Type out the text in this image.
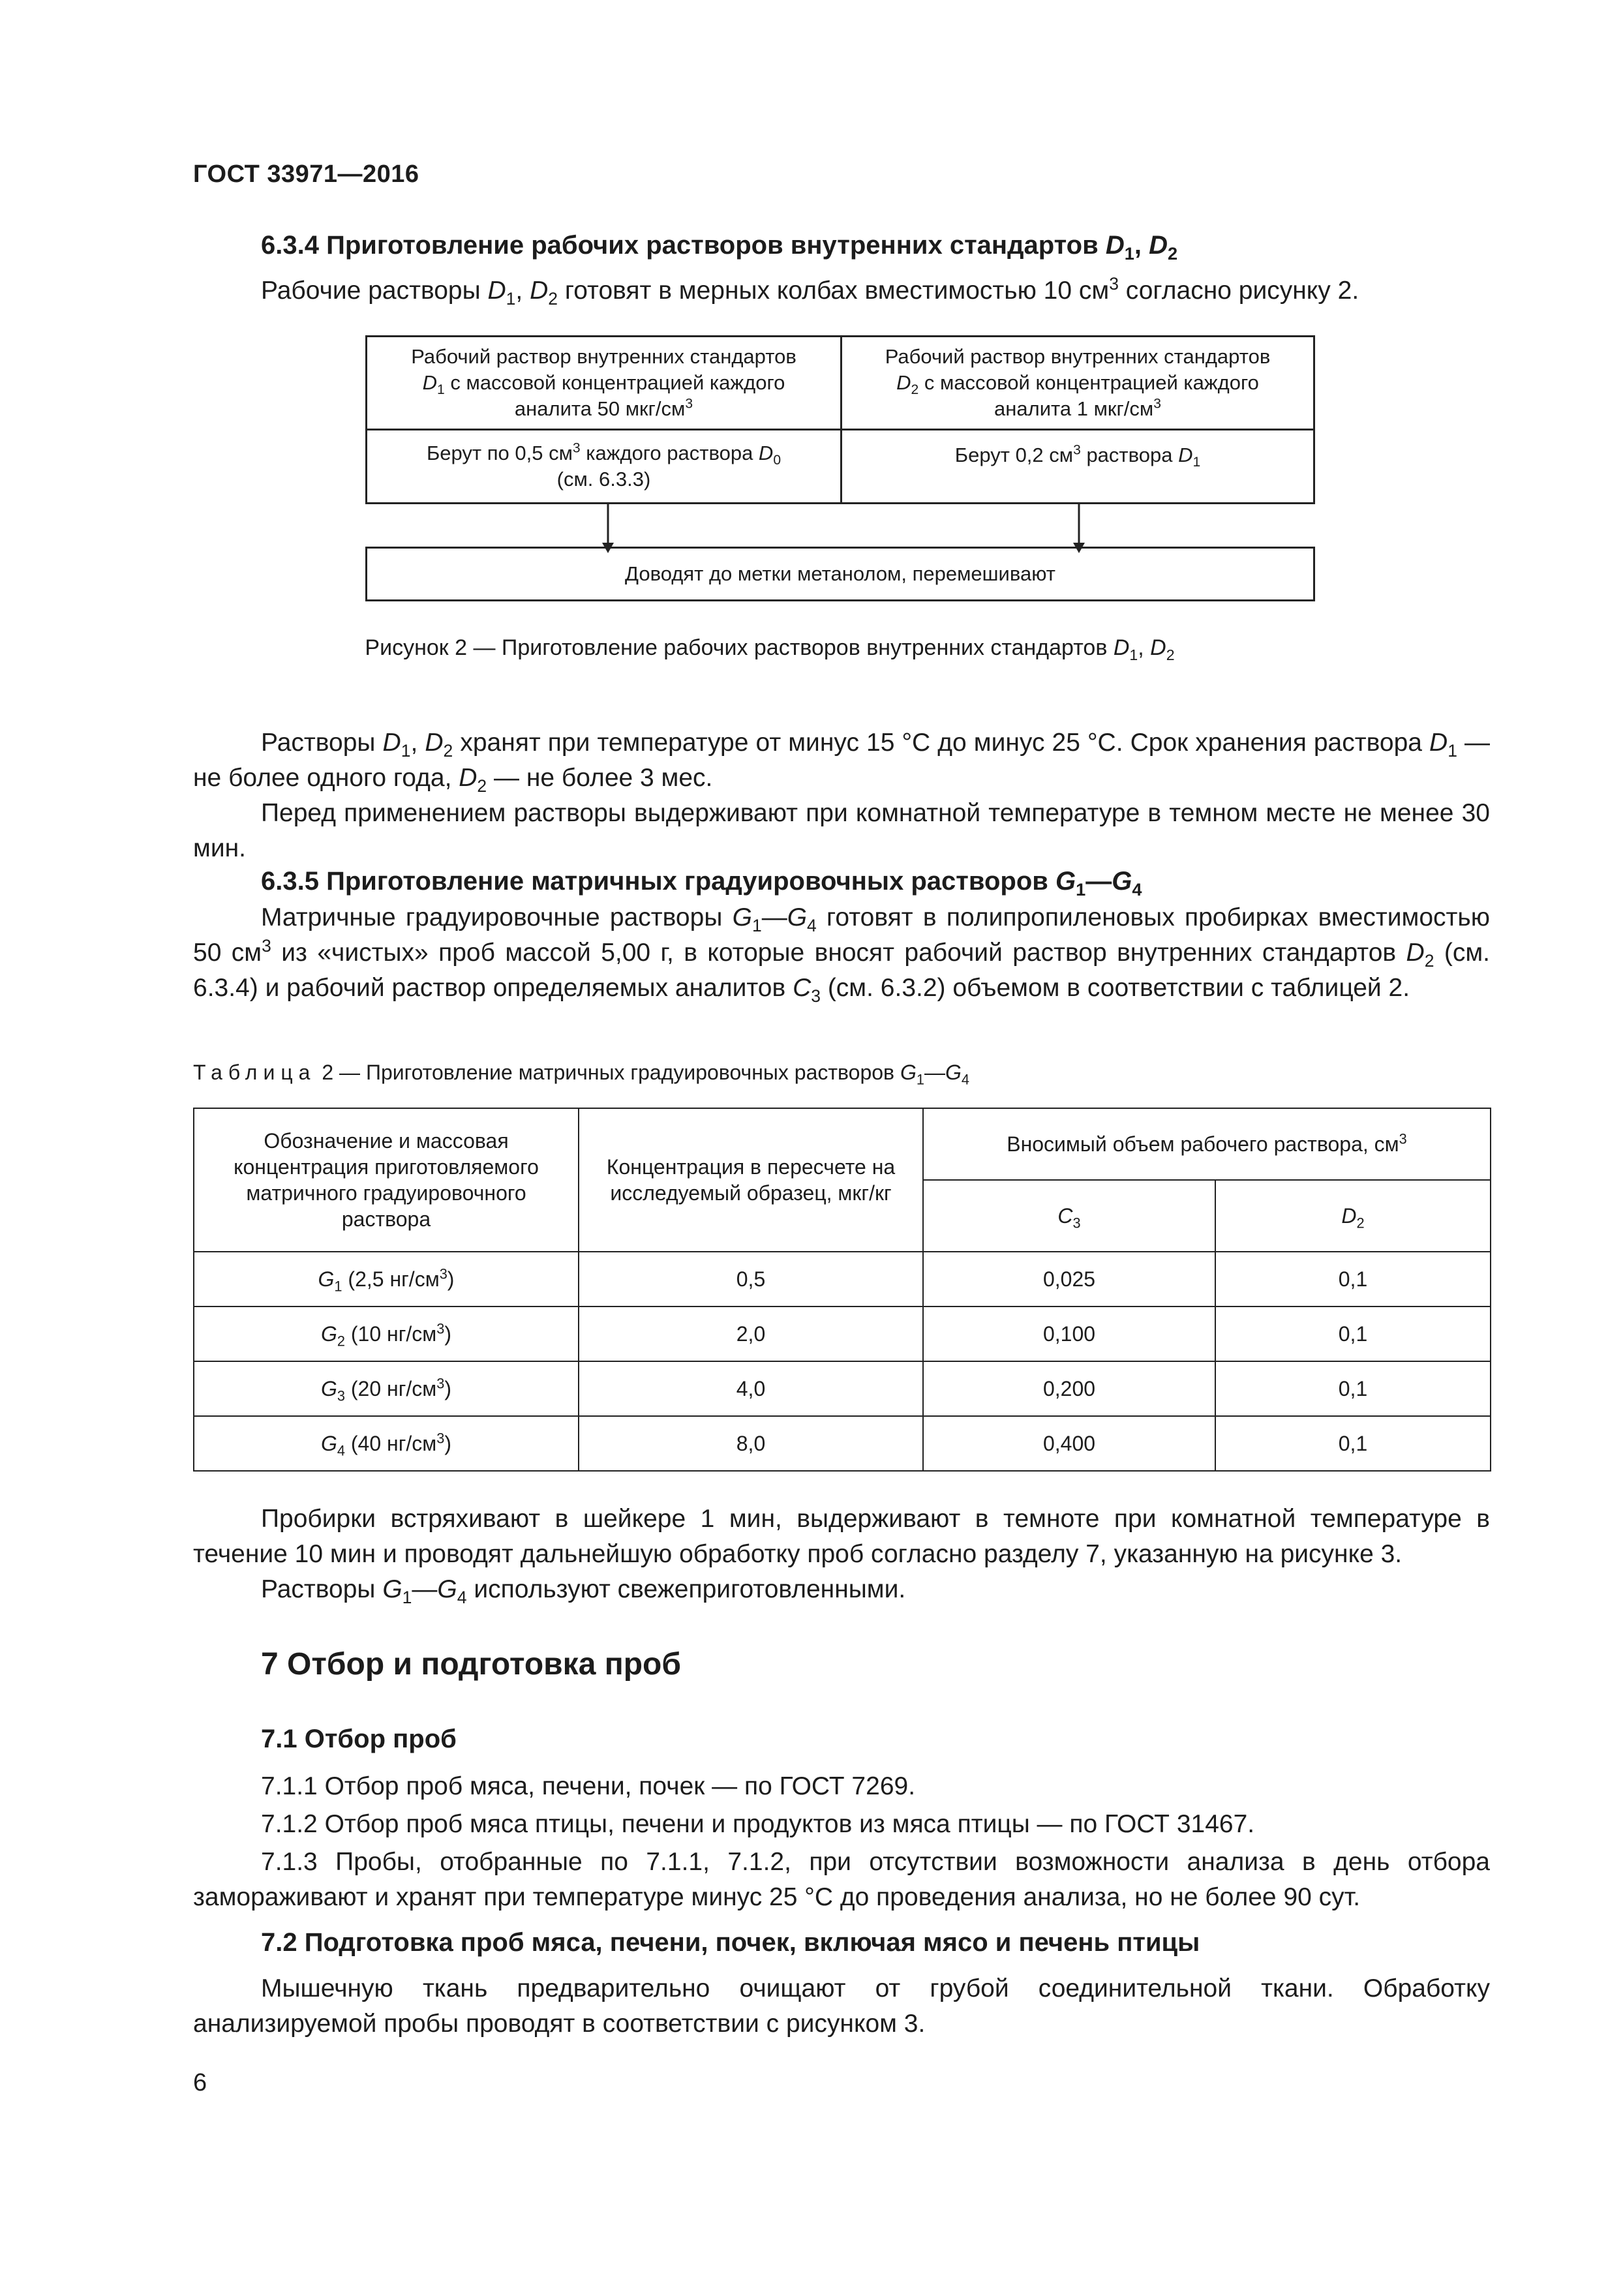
ГОСТ 33971—2016
6.3.4 Приготовление рабочих растворов внутренних стандартов $D_1$, $D_2$
Рабочие растворы $D_1$, $D_2$ готовят в мерных колбах вместимостью 10 $см^3$ согласно рисунку 2.
Рабочий раствор внутренних стандартов
$D_1$ с массовой концентрацией каждого
аналита 50 мкг/$см^3$
Рабочий раствор внутренних стандартов
$D_2$ с массовой концентрацией каждого
аналита 1 мкг/$см^3$
Берут по 0,5 $см^3$ каждого раствора $D_0$
(см. 6.3.3)
Берут 0,2 $см^3$ раствора $D_1$
Доводят до метки метанолом, перемешивают
Рисунок 2 — Приготовление рабочих растворов внутренних стандартов $D_1$, $D_2$
Растворы $D_1$, $D_2$ хранят при температуре от минус 15 °С до минус 25 °С. Срок хранения раствора $D_1$ — не более одного года, $D_2$ — не более 3 мес.
Перед применением растворы выдерживают при комнатной температуре в темном месте не менее 30 мин.
6.3.5 Приготовление матричных градуировочных растворов $G_1—G_4$
Матричные градуировочные растворы $G_1—G_4$ готовят в полипропиленовых пробирках вместимостью 50 $см^3$ из «чистых» проб массой 5,00 г, в которые вносят рабочий раствор внутренних стандартов $D_2$ (см. 6.3.4) и рабочий раствор определяемых аналитов $C_3$ (см. 6.3.2) объемом в соответствии с таблицей 2.
Таблица 2 — Приготовление матричных градуировочных растворов $G_1—G_4$
Обозначение и массовая концентрация приготовляемого матричного градуировочного раствора	Концентрация в пересчете на исследуемый образец, мкг/кг	Вносимый объем рабочего раствора, $см^3$
		$C_3$	$D_2$
$G_1$ (2,5 $нг/см^3$)	0,5	0,025	0,1
$G_2$ (10 $нг/см^3$)	2,0	0,100	0,1
$G_3$ (20 $нг/см^3$)	4,0	0,200	0,1
$G_4$ (40 $нг/см^3$)	8,0	0,400	0,1
Пробирки встряхивают в шейкере 1 мин, выдерживают в темноте при комнатной температуре в течение 10 мин и проводят дальнейшую обработку проб согласно разделу 7, указанную на рисунке 3.
Растворы $G_1—G_4$ используют свежеприготовленными.
7 Отбор и подготовка проб
7.1 Отбор проб
7.1.1 Отбор проб мяса, печени, почек — по ГОСТ 7269.
7.1.2 Отбор проб мяса птицы, печени и продуктов из мяса птицы — по ГОСТ 31467.
7.1.3 Пробы, отобранные по 7.1.1, 7.1.2, при отсутствии возможности анализа в день отбора замораживают и хранят при температуре минус 25 °С до проведения анализа, но не более 90 сут.
7.2 Подготовка проб мяса, печени, почек, включая мясо и печень птицы
Мышечную ткань предварительно очищают от грубой соединительной ткани. Обработку анализируемой пробы проводят в соответствии с рисунком 3.
6
